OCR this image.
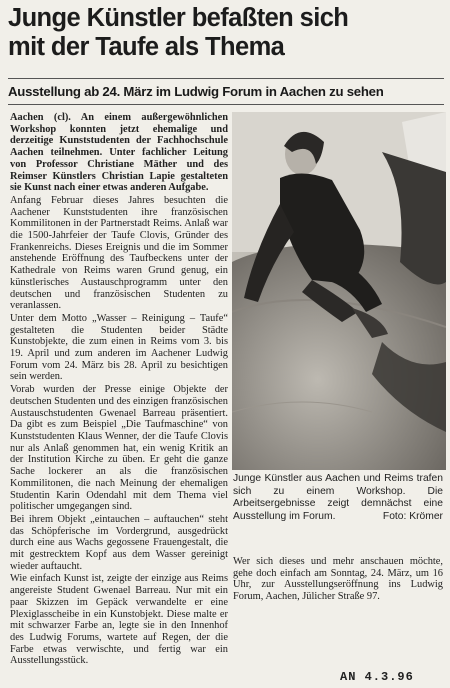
Junge Künstler befaßten sich
mit der Taufe als Thema
Ausstellung ab 24. März im Ludwig Forum in Aachen zu sehen

Aachen (cl). An einem außergewöhnlichen Workshop konnten jetzt ehemalige und derzeitige Kunststudenten der Fachhochschule Aachen teilnehmen. Unter fachlicher Leitung von Professor Christiane Mäther und des Reimser Künstlers Christian Lapie gestalteten sie Kunst nach einer etwas anderen Aufgabe.

Anfang Februar dieses Jahres besuchten die Aachener Kunststudenten ihre französischen Kommilitonen in der Partnerstadt Reims. Anlaß war die 1500-Jahrfeier der Taufe Clovis, Gründer des Frankenreichs. Dieses Ereignis und die im Sommer anstehende Eröffnung des Taufbeckens unter der Kathedrale von Reims waren Grund genug, ein künstlerisches Austauschprogramm unter den deutschen und französischen Studenten zu veranlassen.

Unter dem Motto „Wasser – Reinigung – Taufe“ gestalteten die Studenten beider Städte Kunstobjekte, die zum einen in Reims vom 3. bis 19. April und zum anderen im Aachener Ludwig Forum vom 24. März bis 28. April zu besichtigen sein werden.

Vorab wurden der Presse einige Objekte der deutschen Studenten und des einzigen französischen Austauschstudenten Gwenael Barreau präsentiert. Da gibt es zum Beispiel „Die Taufmaschine“ von Kunststudenten Klaus Wenner, der die Taufe Clovis nur als Anlaß genommen hat, ein wenig Kritik an der Institution Kirche zu üben. Er geht die ganze Sache lockerer an als die französischen Kommilitonen, die nach Meinung der ehemaligen Studentin Karin Odendahl mit dem Thema viel politischer umgegangen sind.

Bei ihrem Objekt „eintauchen – auftauchen“ steht das Schöpferische im Vordergrund, ausgedrückt durch eine aus Wachs gegossene Frauengestalt, die mit gestrecktem Kopf aus dem Wasser gereinigt wieder auftaucht.

Wie einfach Kunst ist, zeigte der einzige aus Reims angereiste Student Gwenael Barreau. Nur mit ein paar Skizzen im Gepäck verwandelte er eine Plexiglasscheibe in ein Kunstobjekt. Diese malte er mit schwarzer Farbe an, legte sie in den Innenhof des Ludwig Forums, wartete auf Regen, der die Farbe etwas verwischte, und fertig war ein Ausstellungsstück.

Junge Künstler aus Aachen und Reims trafen sich zu einem Workshop. Die Arbeitsergebnisse zeigt demnächst eine Ausstellung im Forum.	Foto: Krömer

Wer sich dieses und mehr anschauen möchte, gehe doch einfach am Sonntag, 24. März, um 16 Uhr, zur Ausstellungseröffnung ins Ludwig Forum, Aachen, Jülicher Straße 97.

AN 4.3.96
